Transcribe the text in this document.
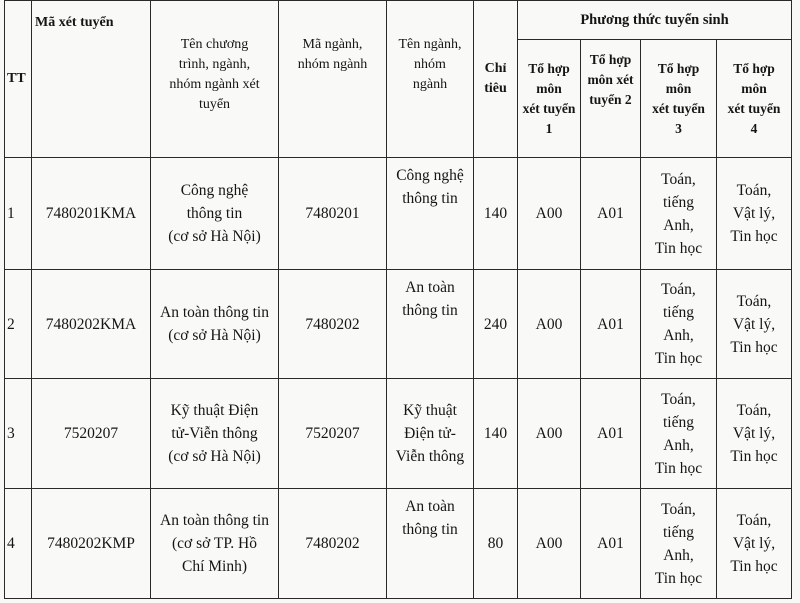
TT	Mã xét tuyển	Tên chương
trình, ngành,
nhóm ngành xét
tuyển	Mã ngành,
nhóm ngành	Tên ngành,
nhóm
ngành	Chỉ
tiêu	Phương thức tuyển sinh			

						Tổ hợp
môn
xét tuyển
1	Tổ hợp
môn xét
tuyển 2	Tổ hợp
môn
xét tuyển
3	Tổ hợp
môn
xét tuyển
4

1	7480201KMA	Công nghệ
thông tin
(cơ sở Hà Nội)	7480201	Công nghệ
thông tin	140	A00	A01	Toán,
tiếng
Anh,
Tin học	Toán,
Vật lý,
Tin học

2	7480202KMA	An toàn thông tin
(cơ sở Hà Nội)	7480202	An toàn
thông tin	240	A00	A01	Toán,
tiếng
Anh,
Tin học	Toán,
Vật lý,
Tin học

3	7520207	Kỹ thuật Điện
tử-Viễn thông
(cơ sở Hà Nội)	7520207	Kỹ thuật
Điện tử-
Viễn thông	140	A00	A01	Toán,
tiếng
Anh,
Tin học	Toán,
Vật lý,
Tin học

4	7480202KMP	An toàn thông tin
(cơ sở TP. Hồ
Chí Minh)	7480202	An toàn
thông tin	80	A00	A01	Toán,
tiếng
Anh,
Tin học	Toán,
Vật lý,
Tin học
